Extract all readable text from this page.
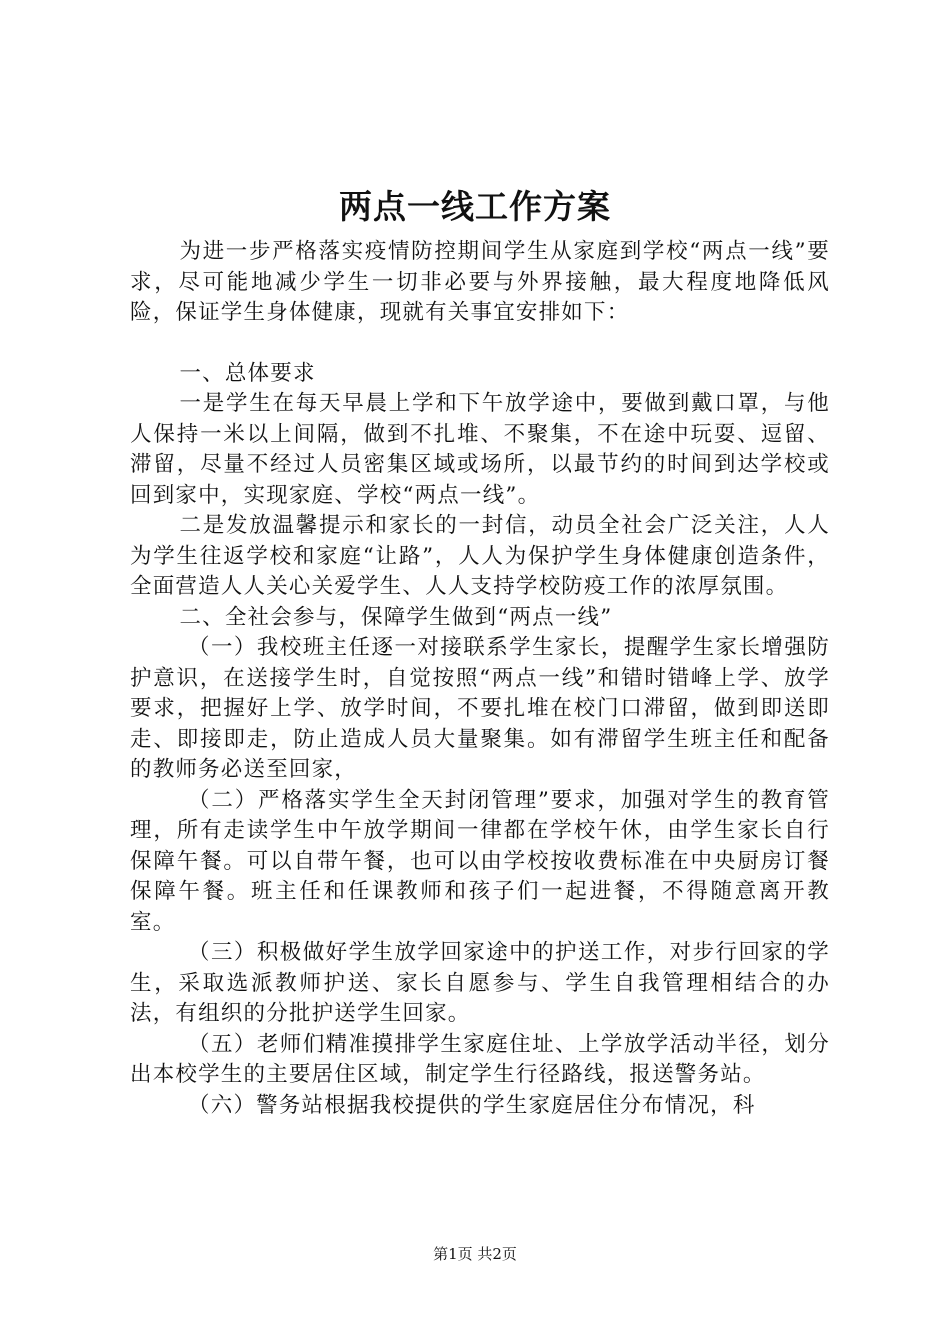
两点一线工作方案

为进一步严格落实疫情防控期间学生从家庭到学校“两点一线”要求，尽可能地减少学生一切非必要与外界接触，最大程度地降低风险，保证学生身体健康，现就有关事宜安排如下：

一、总体要求

一是学生在每天早晨上学和下午放学途中，要做到戴口罩，与他人保持一米以上间隔，做到不扎堆、不聚集，不在途中玩耍、逗留、滞留，尽量不经过人员密集区域或场所，以最节约的时间到达学校或回到家中，实现家庭、学校“两点一线”。

二是发放温馨提示和家长的一封信，动员全社会广泛关注，人人为学生往返学校和家庭“让路”，人人为保护学生身体健康创造条件，全面营造人人关心关爱学生、人人支持学校防疫工作的浓厚氛围。

二、全社会参与，保障学生做到“两点一线”

（一）我校班主任逐一对接联系学生家长，提醒学生家长增强防护意识，在送接学生时，自觉按照“两点一线”和错时错峰上学、放学要求，把握好上学、放学时间，不要扎堆在校门口滞留，做到即送即走、即接即走，防止造成人员大量聚集。如有滞留学生班主任和配备的教师务必送至回家，

（二）严格落实学生全天封闭管理”要求，加强对学生的教育管理，所有走读学生中午放学期间一律都在学校午休，由学生家长自行保障午餐。可以自带午餐，也可以由学校按收费标准在中央厨房订餐保障午餐。班主任和任课教师和孩子们一起进餐，不得随意离开教室。

（三）积极做好学生放学回家途中的护送工作，对步行回家的学生，采取选派教师护送、家长自愿参与、学生自我管理相结合的办法，有组织的分批护送学生回家。

（五）老师们精准摸排学生家庭住址、上学放学活动半径，划分出本校学生的主要居住区域，制定学生行径路线，报送警务站。

（六）警务站根据我校提供的学生家庭居住分布情况，科

第1页 共2页
